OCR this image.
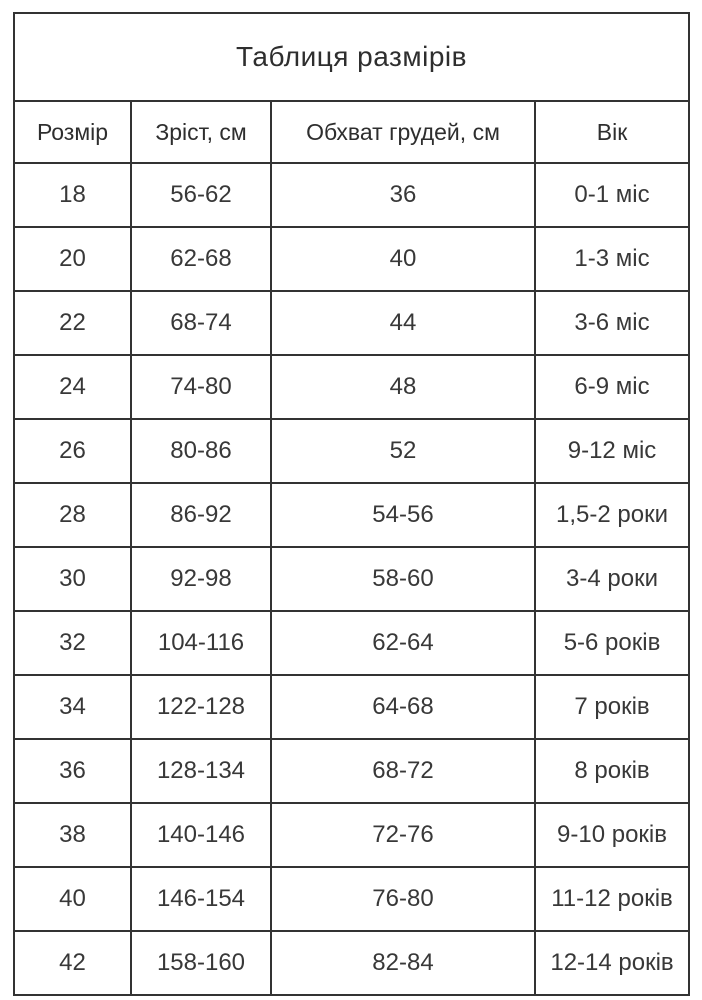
Таблиця размірів			
Розмір	Зріст, см	Обхват грудей, см	Вік
18	56-62	36	0-1 міс
20	62-68	40	1-3 міс
22	68-74	44	3-6 міс
24	74-80	48	6-9 міс
26	80-86	52	9-12 міс
28	86-92	54-56	1,5-2 роки
30	92-98	58-60	3-4 роки
32	104-116	62-64	5-6 років
34	122-128	64-68	7 років
36	128-134	68-72	8 років
38	140-146	72-76	9-10 років
40	146-154	76-80	11-12 років
42	158-160	82-84	12-14 років
